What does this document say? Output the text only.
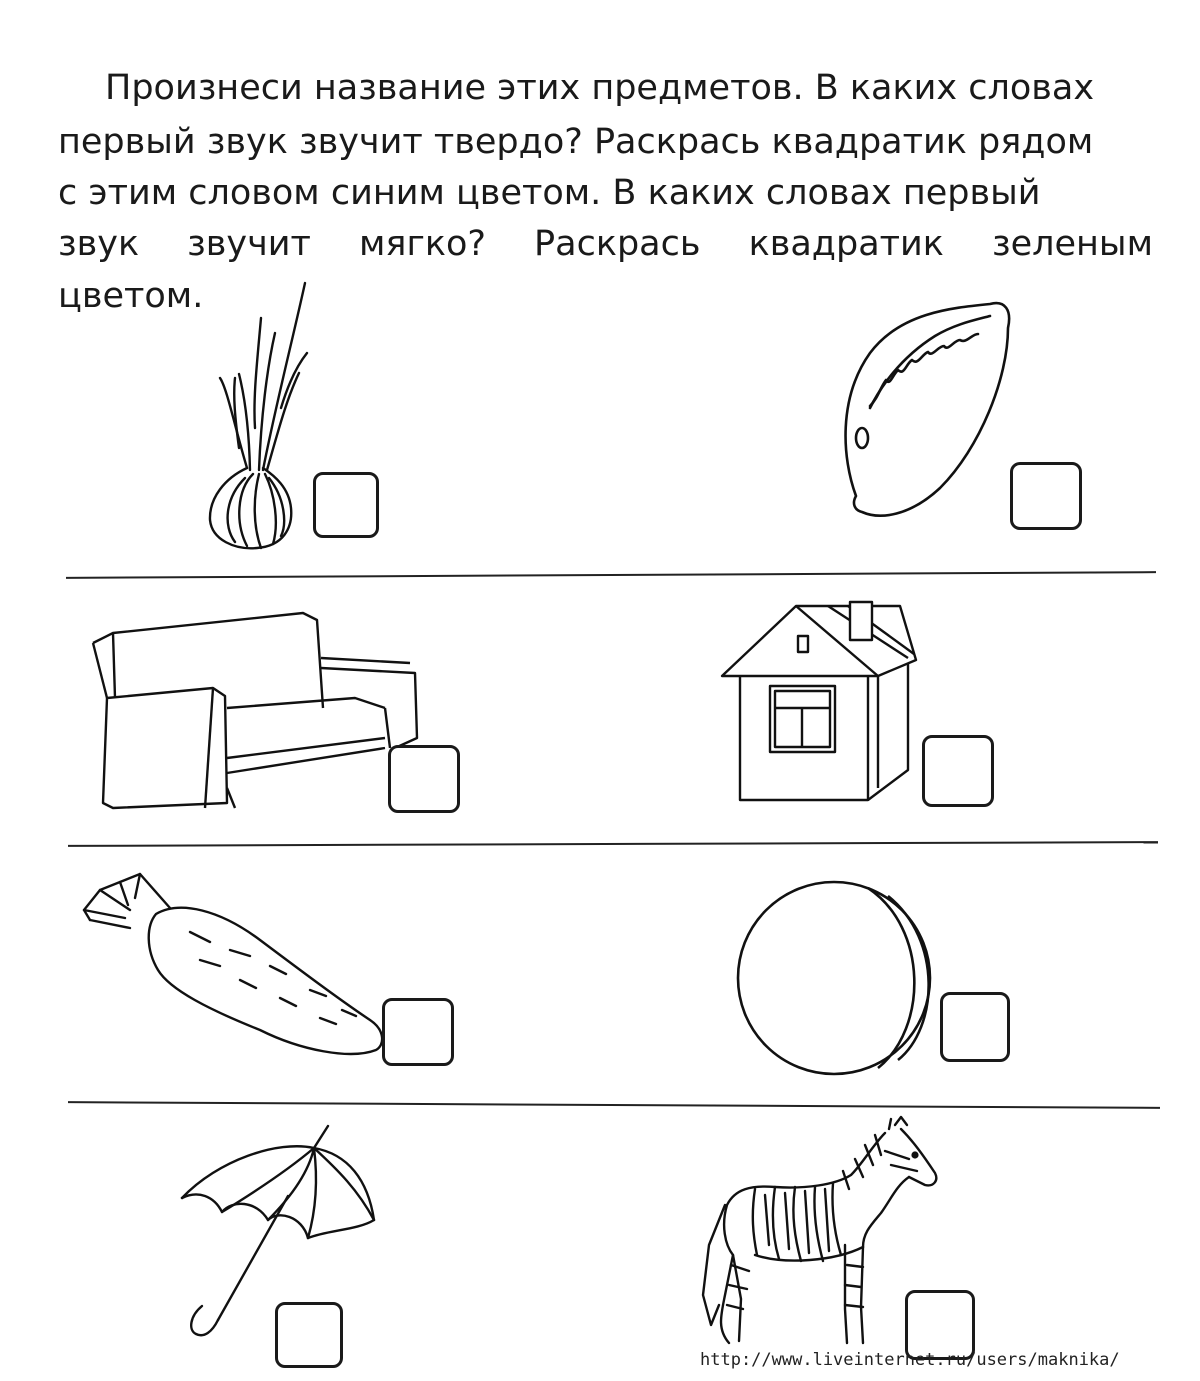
Произнеси название этих предметов. В каких словах
первый звук звучит твердо? Раскрась квадратик рядом
с этим словом синим цветом. В каких словах первый
звук звучит мягко? Раскрась квадратик зеленым
цветом.
http://www.liveinternet.ru/users/maknika/
